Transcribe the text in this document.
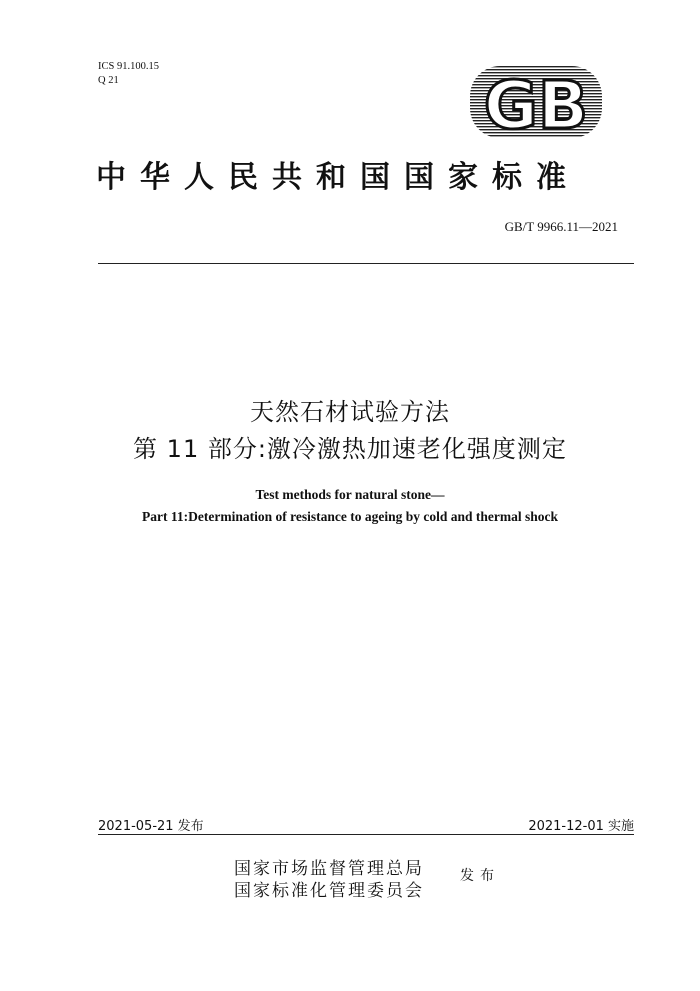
ICS 91.100.15
Q 21	GB
中华人民共和国国家标准
GB/T 9966.11—2021
天然石材试验方法
第 11 部分:激冷激热加速老化强度测定
Test methods for natural stone—
Part 11:Determination of resistance to ageing by cold and thermal shock
2021-05-21 发布	2021-12-01 实施
国家市场监督管理总局
国家标准化管理委员会
发布
